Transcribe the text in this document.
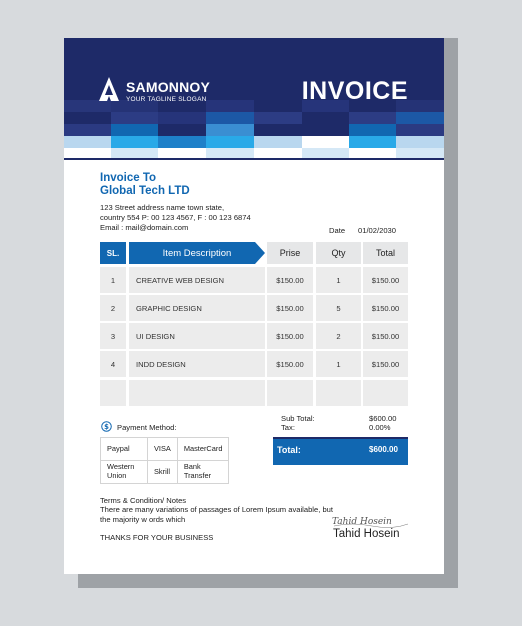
SAMONNOY
YOUR TAGLINE SLOGAN	INVOICE
Invoice To
Global Tech LTD
123 Street address name town state,
country 554 P: 00 123 4567, F : 00 123 6874
Email : mail@domain.com	Date 01/02/2030
SL.	Item Description	Prise	Qty	Total
1	CREATIVE WEB DESIGN	$150.00	1	$150.00
2	GRAPHIC DESIGN	$150.00	5	$150.00
3	UI DESIGN	$150.00	2	$150.00
4	INDD DESIGN	$150.00	1	$150.00
$ Payment Method:
Paypal	VISA	MasterCard
Western Union	Skrill	Bank Transfer
Sub Total:	$600.00
Tax:	0.00%
Total:	$600.00
Terms & Condition/ Notes
There are many variations of passages of Lorem Ipsum available, but the majority w ords which
THANKS FOR YOUR BUSINESS
Tahid Hosein
Tahid Hosein
